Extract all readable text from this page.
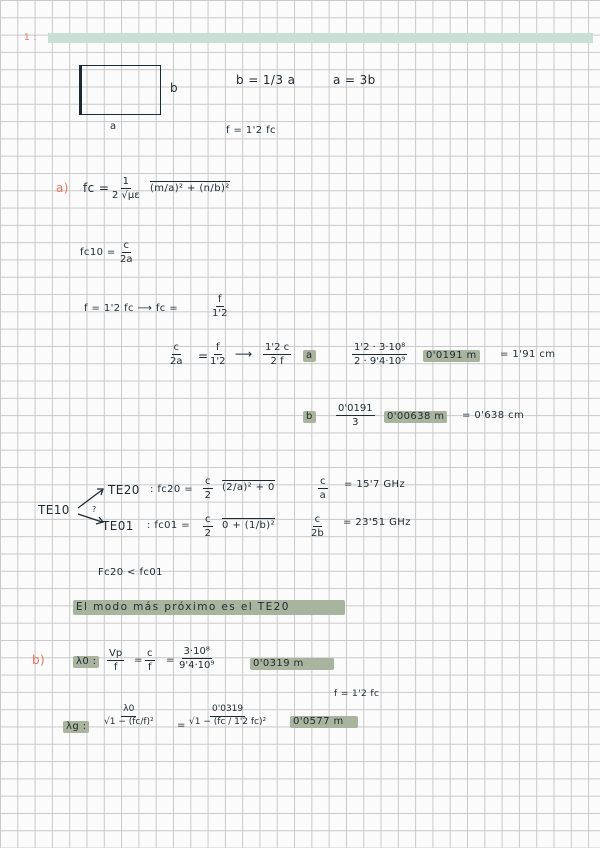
1 :
b
a
b = 1/3 a	a = 3b
f = 1'2 fc
a) fc = 1
2 √µε
(m/a)² + (n/b)²
$fc10 = \frac{c}{2a}$
f = 1'2 fc ⟶ fc =	$\frac{f}{1'2}$
$\frac{c}{2a} = \frac{f}{1'2}$ ⟶ $\frac{1'2 c}{2 f}$	a	$\frac{\text{1'2 · 3·10⁸}}{\text{2 · 9'4·10⁹}}$	0'0191 m	= 1'91 cm
b	$\frac{0'0191}{3}$	0'00638 m	= 0'638 cm
TE10	?
TE20 : $fc20 = \frac{c}{2} (2/a)^2 + 0$	$\frac{c}{a} = 15'7$ GHz
TE01 : $fc01 = \frac{c}{2} 0 + (1/b)^2$	$\frac{c}{2b} = 23'51$ GHz
Fc20 < fc01
El modo más próximo es el TE20
b)	λ0 :	$\frac{Vp}{f} = \frac{c}{f} = \frac{\text{3·10⁸}}{\text{9'4·10⁹}}$	0'0319 m
f = 1'2 fc
λg :	$\frac{\lambda 0}{\text{√1 − (fc/f)²}} = \frac{0'0319}{\text{√1 − (fc / 1'2 fc)²}}$	0'0577 m
